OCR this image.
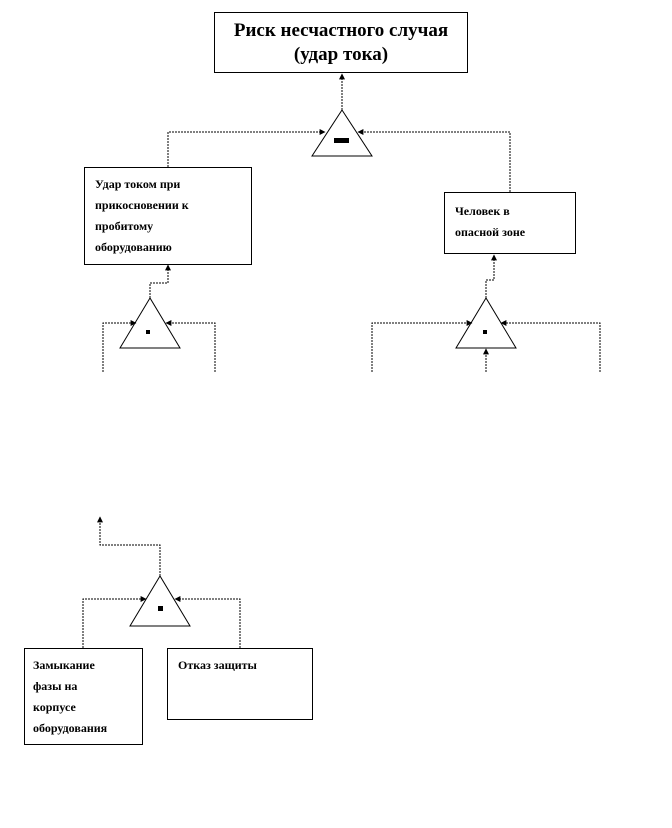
Риск несчастного случая
(удар тока)
Удар током при
прикосновении к
пробитому
оборудованию
Человек в
опасной зоне
Замыкание
фазы на
корпусе
оборудования
Отказ защиты
